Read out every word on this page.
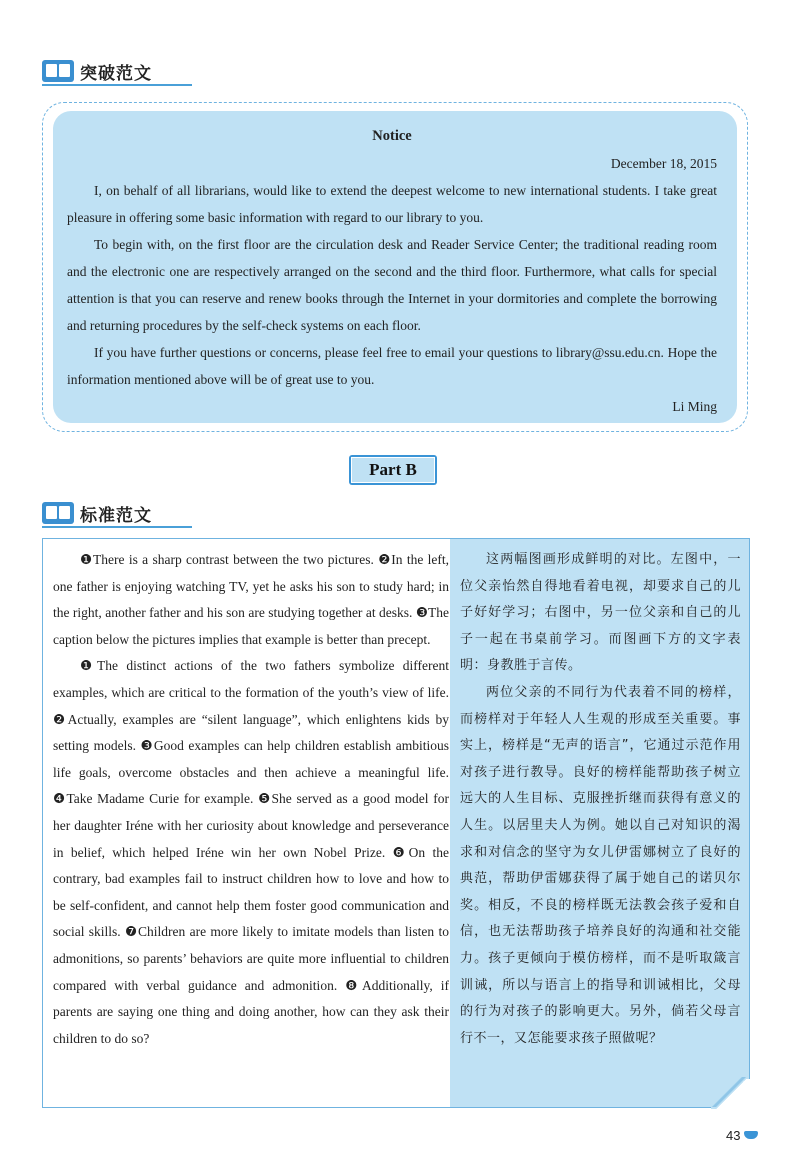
突破范文
Notice
December 18, 2015

I, on behalf of all librarians, would like to extend the deepest welcome to new international students. I take great pleasure in offering some basic information with regard to our library to you.

To begin with, on the first floor are the circulation desk and Reader Service Center; the traditional reading room and the electronic one are respectively arranged on the second and the third floor. Furthermore, what calls for special attention is that you can reserve and renew books through the Internet in your dormitories and complete the borrowing and returning procedures by the self-check systems on each floor.

If you have further questions or concerns, please feel free to email your questions to library@ssu.edu.cn. Hope the information mentioned above will be of great use to you.

Li Ming
Part B
标准范文

❶There is a sharp contrast between the two pictures. ❷In the left, one father is enjoying watching TV, yet he asks his son to study hard; in the right, another father and his son are studying together at desks. ❸The caption below the pictures implies that example is better than precept.

❶The distinct actions of the two fathers symbolize different examples, which are critical to the formation of the youth’s view of life. ❷Actually, examples are “silent language”, which enlightens kids by setting models. ❸Good examples can help children establish ambitious life goals, overcome obstacles and then achieve a meaningful life. ❹Take Madame Curie for example. ❺She served as a good model for her daughter Iréne with her curiosity about knowledge and perseverance in belief, which helped Iréne win her own Nobel Prize. ❻On the contrary, bad examples fail to instruct children how to love and how to be self-confident, and cannot help them foster good communication and social skills. ❼Children are more likely to imitate models than listen to admonitions, so parents’ behaviors are quite more influential to children compared with verbal guidance and admonition. ❽Additionally, if parents are saying one thing and doing another, how can they ask their children to do so?

这两幅图画形成鲜明的对比。左图中，一位父亲怡然自得地看着电视，却要求自己的儿子好好学习；右图中，另一位父亲和自己的儿子一起在书桌前学习。而图画下方的文字表明：身教胜于言传。

两位父亲的不同行为代表着不同的榜样，而榜样对于年轻人人生观的形成至关重要。事实上，榜样是“无声的语言”，它通过示范作用对孩子进行教导。良好的榜样能帮助孩子树立远大的人生目标、克服挫折继而获得有意义的人生。以居里夫人为例。她以自己对知识的渴求和对信念的坚守为女儿伊雷娜树立了良好的典范，帮助伊雷娜获得了属于她自己的诺贝尔奖。相反，不良的榜样既无法教会孩子爱和自信，也无法帮助孩子培养良好的沟通和社交能力。孩子更倾向于模仿榜样，而不是听取箴言训诫，所以与语言上的指导和训诫相比，父母的行为对孩子的影响更大。另外，倘若父母言行不一，又怎能要求孩子照做呢？

43
